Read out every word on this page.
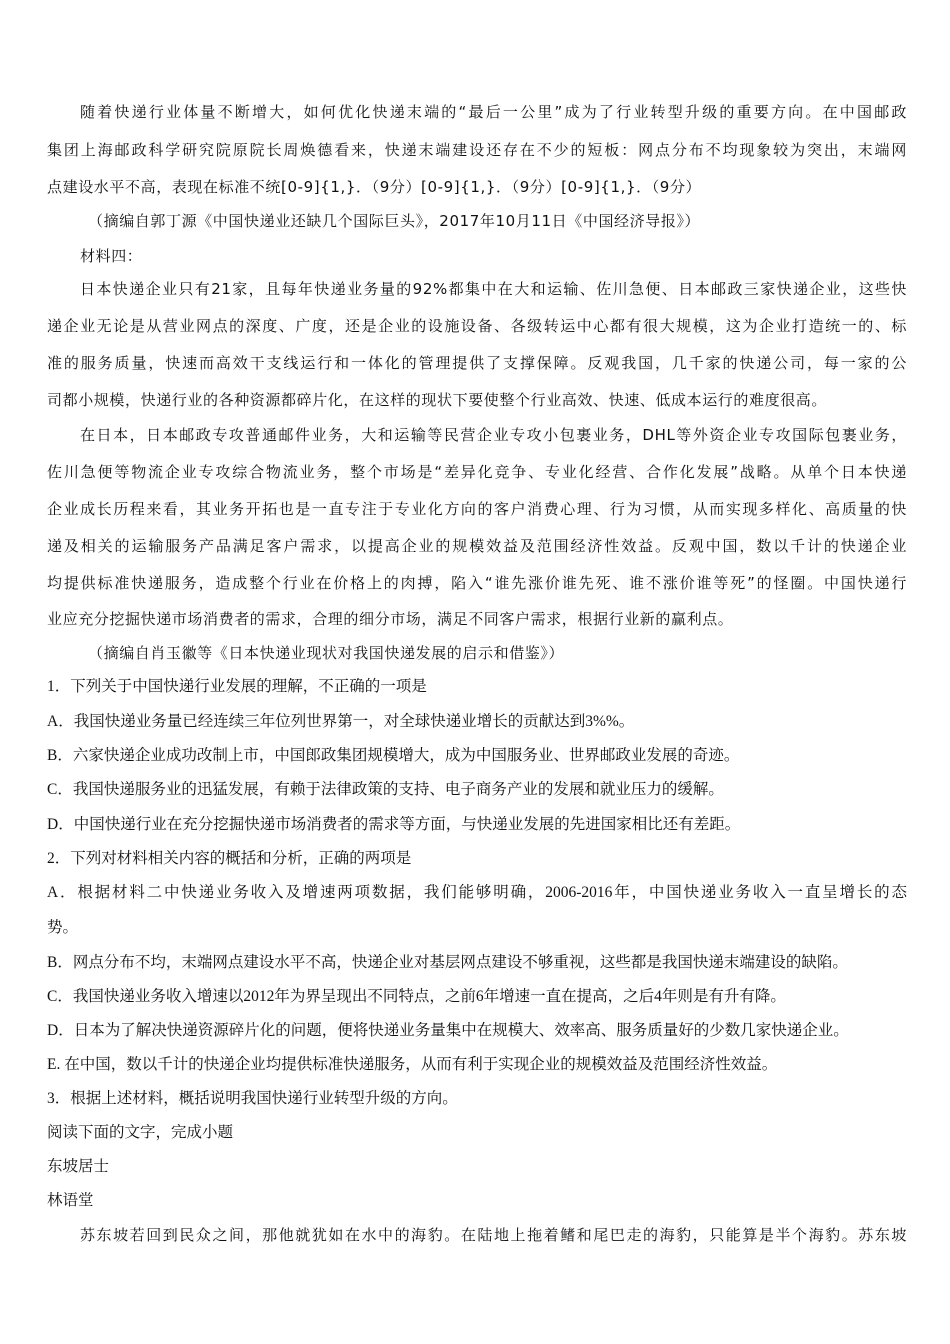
随着快递行业体量不断增大，如何优化快递末端的“最后一公里”成为了行业转型升级的重要方向。在中国邮政
集团上海邮政科学研究院原院长周焕德看来，快递末端建设还存在不少的短板：网点分布不均现象较为突出，末端网
点建设水平不高，表现在标准不统[0-9]{1,}．（9分）[0-9]{1,}．（9分）[0-9]{1,}．（9分）
（摘编自郭丁源《中国快递业还缺几个国际巨头》，2017年10月11日《中国经济导报》）
材料四：
日本快递企业只有21家，且每年快递业务量的92%都集中在大和运输、佐川急便、日本邮政三家快递企业，这些快
递企业无论是从营业网点的深度、广度，还是企业的设施设备、各级转运中心都有很大规模，这为企业打造统一的、标
准的服务质量，快速而高效干支线运行和一体化的管理提供了支撑保障。反观我国，几千家的快递公司，每一家的公
司都小规模，快递行业的各种资源都碎片化，在这样的现状下要使整个行业高效、快速、低成本运行的难度很高。
在日本，日本邮政专攻普通邮件业务，大和运输等民营企业专攻小包裹业务，DHL等外资企业专攻国际包裹业务，
佐川急便等物流企业专攻综合物流业务，整个市场是“差异化竞争、专业化经营、合作化发展”战略。从单个日本快递
企业成长历程来看，其业务开拓也是一直专注于专业化方向的客户消费心理、行为习惯，从而实现多样化、高质量的快
递及相关的运输服务产品满足客户需求，以提高企业的规模效益及范围经济性效益。反观中国，数以千计的快递企业
均提供标准快递服务，造成整个行业在价格上的肉搏，陷入“谁先涨价谁先死、谁不涨价谁等死”的怪圈。中国快递行
业应充分挖掘快递市场消费者的需求，合理的细分市场，满足不同客户需求，根据行业新的赢利点。
（摘编自肖玉徽等《日本快递业现状对我国快递发展的启示和借鉴》）
1．下列关于中国快递行业发展的理解，不正确的一项是
A．我国快递业务量已经连续三年位列世界第一，对全球快递业增长的贡献达到3%%。
B．六家快递企业成功改制上市，中国郎政集团规模增大，成为中国服务业、世界邮政业发展的奇迹。
C．我国快递服务业的迅猛发展，有赖于法律政策的支持、电子商务产业的发展和就业压力的缓解。
D．中国快递行业在充分挖掘快递市场消费者的需求等方面，与快递业发展的先进国家相比还有差距。
2．下列对材料相关内容的概括和分析，正确的两项是
A．根据材料二中快递业务收入及增速两项数据，我们能够明确，2006-2016年，中国快递业务收入一直呈增长的态
势。
B．网点分布不均，末端网点建设水平不高，快递企业对基层网点建设不够重视，这些都是我国快递末端建设的缺陷。
C．我国快递业务收入增速以2012年为界呈现出不同特点，之前6年增速一直在提高，之后4年则是有升有降。
D．日本为了解决快递资源碎片化的问题，便将快递业务量集中在规模大、效率高、服务质量好的少数几家快递企业。
E. 在中国，数以千计的快递企业均提供标准快递服务，从而有利于实现企业的规模效益及范围经济性效益。
3．根据上述材料，概括说明我国快递行业转型升级的方向。
阅读下面的文字，完成小题
东坡居士
林语堂
苏东坡若回到民众之间，那他就犹如在水中的海豹。在陆地上拖着鳍和尾巴走的海豹，只能算是半个海豹。苏东坡
